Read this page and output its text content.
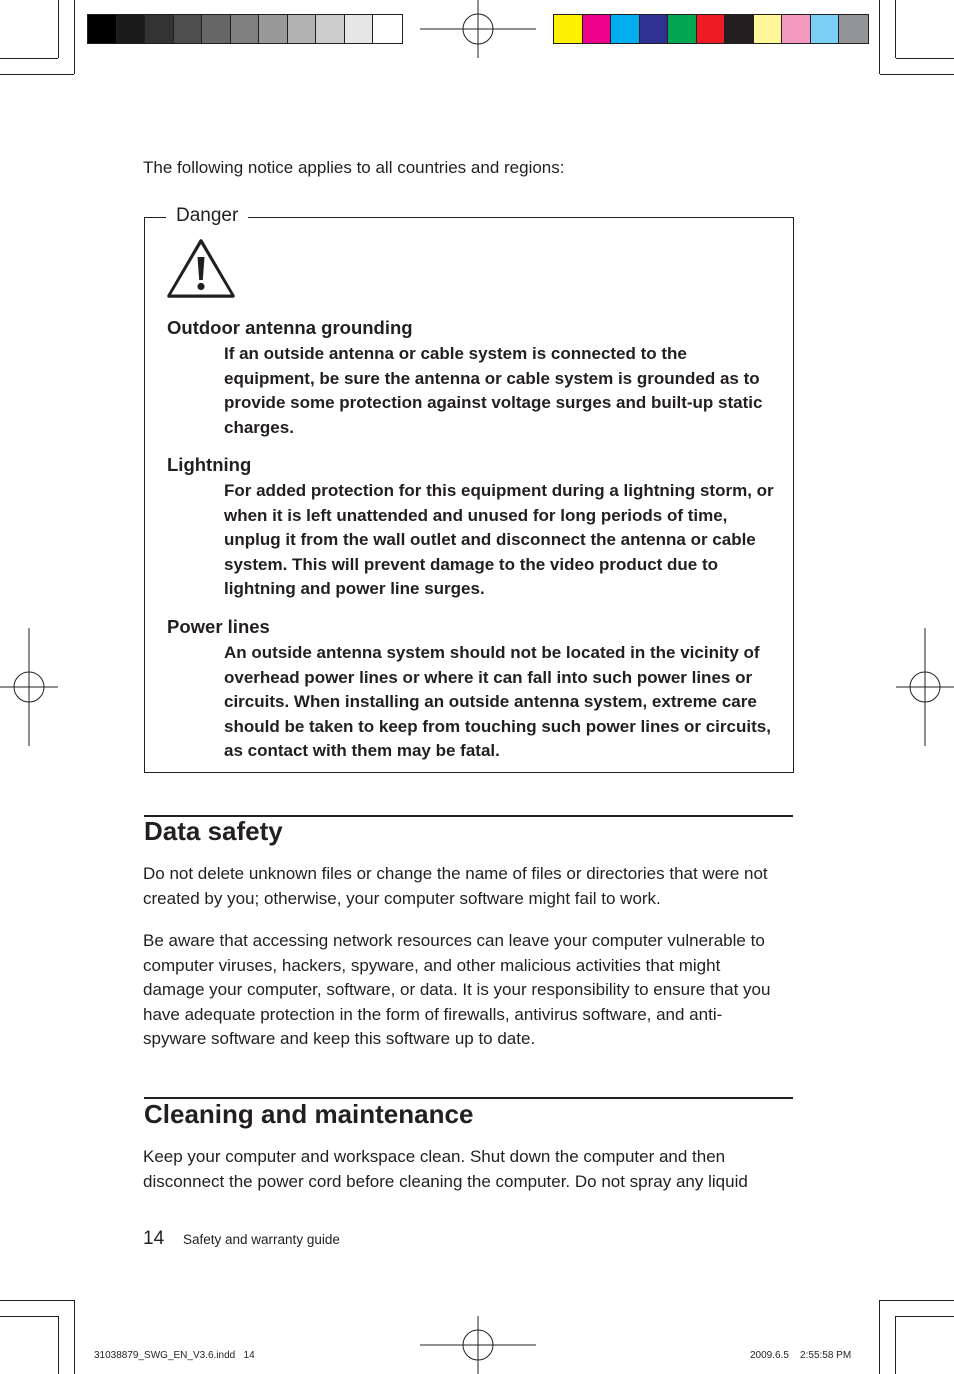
The following notice applies to all countries and regions:
Danger
Outdoor antenna grounding
If an outside antenna or cable system is connected to the equipment, be sure the antenna or cable system is grounded as to provide some protection against voltage surges and built-up static charges.
Lightning
For added protection for this equipment during a lightning storm, or when it is left unattended and unused for long periods of time, unplug it from the wall outlet and disconnect the antenna or cable system. This will prevent damage to the video product due to lightning and power line surges.
Power lines
An outside antenna system should not be located in the vicinity of overhead power lines or where it can fall into such power lines or circuits. When installing an outside antenna system, extreme care should be taken to keep from touching such power lines or circuits, as contact with them may be fatal.
Data safety
Do not delete unknown files or change the name of files or directories that were not created by you; otherwise, your computer software might fail to work.
Be aware that accessing network resources can leave your computer vulnerable to computer viruses, hackers, spyware, and other malicious activities that might damage your computer, software, or data. It is your responsibility to ensure that you have adequate protection in the form of firewalls, antivirus software, and anti-spyware software and keep this software up to date.
Cleaning and maintenance
Keep your computer and workspace clean. Shut down the computer and then disconnect the power cord before cleaning the computer. Do not spray any liquid
14 Safety and warranty guide
31038879_SWG_EN_V3.6.indd   14	2009.6.5    2:55:58 PM
